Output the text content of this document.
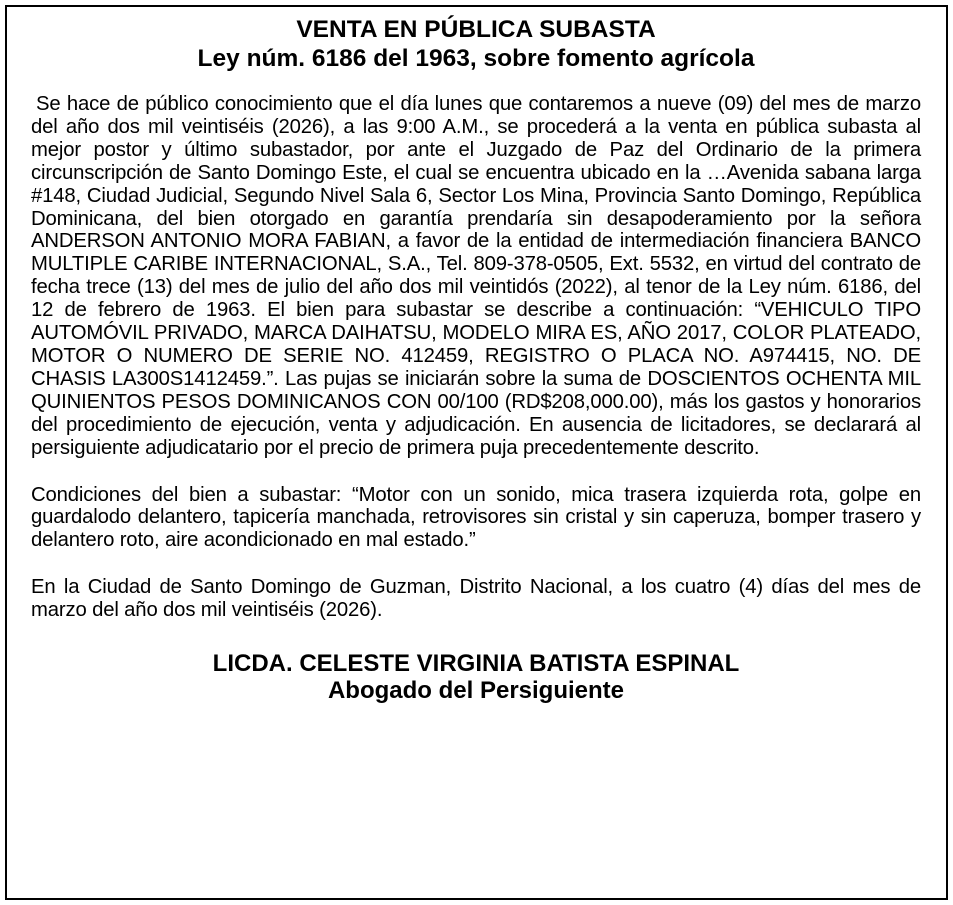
VENTA EN PÚBLICA SUBASTA

Ley núm. 6186 del 1963, sobre fomento agrícola

Se hace de público conocimiento que el día lunes que contaremos a nueve (09) del mes de marzo del año dos mil veintiséis (2026), a las 9:00 A.M., se procederá a la venta en pública subasta al mejor postor y último subastador, por ante el Juzgado de Paz del Ordinario de la primera circunscripción de Santo Domingo Este, el cual se encuentra ubicado en la …Avenida sabana larga #148, Ciudad Judicial, Segundo Nivel Sala 6, Sector Los Mina, Provincia Santo Domingo, República Dominicana, del bien otorgado en garantía prendaría sin desapoderamiento por la señora ANDERSON ANTONIO MORA FABIAN, a favor de la entidad de intermediación financiera BANCO MULTIPLE CARIBE INTERNACIONAL, S.A., Tel. 809-378-0505, Ext. 5532, en virtud del contrato de fecha trece (13) del mes de julio del año dos mil veintidós (2022), al tenor de la Ley núm. 6186, del 12 de febrero de 1963. El bien para subastar se describe a continuación: “VEHICULO TIPO AUTOMÓVIL PRIVADO, MARCA DAIHATSU, MODELO MIRA ES, AÑO 2017, COLOR PLATEADO, MOTOR O NUMERO DE SERIE NO. 412459, REGISTRO O PLACA NO. A974415, NO. DE CHASIS LA300S1412459.”. Las pujas se iniciarán sobre la suma de DOSCIENTOS OCHENTA MIL QUINIENTOS PESOS DOMINICANOS CON 00/100 (RD$208,000.00), más los gastos y honorarios del procedimiento de ejecución, venta y adjudicación. En ausencia de licitadores, se declarará al persiguiente adjudicatario por el precio de primera puja precedentemente descrito.

Condiciones del bien a subastar: “Motor con un sonido, mica trasera izquierda rota, golpe en guardalodo delantero, tapicería manchada, retrovisores sin cristal y sin caperuza, bomper trasero y delantero roto, aire acondicionado en mal estado.”

En la Ciudad de Santo Domingo de Guzman, Distrito Nacional, a los cuatro (4) días del mes de marzo del año dos mil veintiséis (2026).

LICDA. CELESTE VIRGINIA BATISTA ESPINAL

Abogado del Persiguiente
